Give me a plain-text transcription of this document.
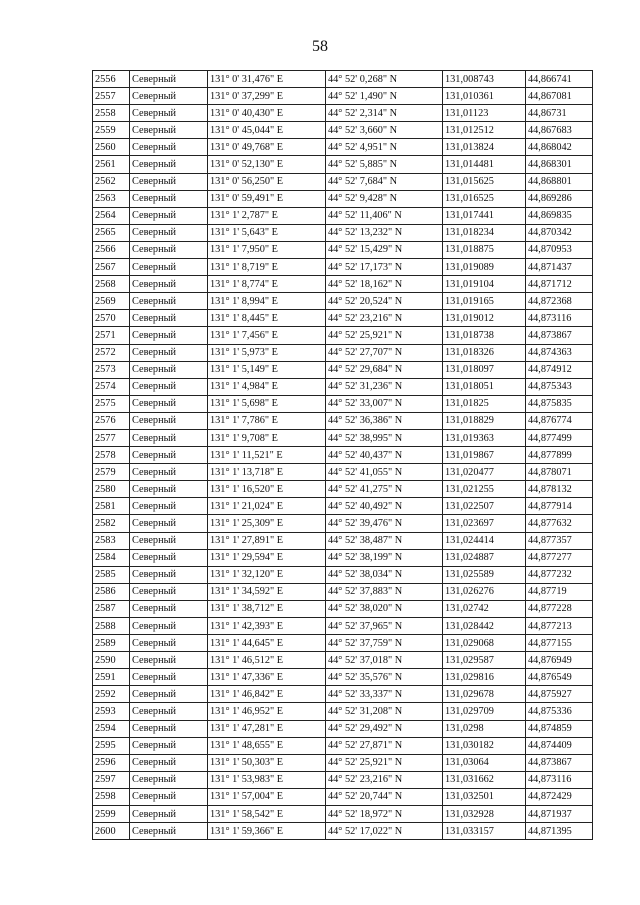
58
2556	Северный	131° 0' 31,476" E	44° 52' 0,268" N	131,008743	44,866741
2557	Северный	131° 0' 37,299" E	44° 52' 1,490" N	131,010361	44,867081
2558	Северный	131° 0' 40,430" E	44° 52' 2,314" N	131,01123	44,86731
2559	Северный	131° 0' 45,044" E	44° 52' 3,660" N	131,012512	44,867683
2560	Северный	131° 0' 49,768" E	44° 52' 4,951" N	131,013824	44,868042
2561	Северный	131° 0' 52,130" E	44° 52' 5,885" N	131,014481	44,868301
2562	Северный	131° 0' 56,250" E	44° 52' 7,684" N	131,015625	44,868801
2563	Северный	131° 0' 59,491" E	44° 52' 9,428" N	131,016525	44,869286
2564	Северный	131° 1' 2,787" E	44° 52' 11,406" N	131,017441	44,869835
2565	Северный	131° 1' 5,643" E	44° 52' 13,232" N	131,018234	44,870342
2566	Северный	131° 1' 7,950" E	44° 52' 15,429" N	131,018875	44,870953
2567	Северный	131° 1' 8,719" E	44° 52' 17,173" N	131,019089	44,871437
2568	Северный	131° 1' 8,774" E	44° 52' 18,162" N	131,019104	44,871712
2569	Северный	131° 1' 8,994" E	44° 52' 20,524" N	131,019165	44,872368
2570	Северный	131° 1' 8,445" E	44° 52' 23,216" N	131,019012	44,873116
2571	Северный	131° 1' 7,456" E	44° 52' 25,921" N	131,018738	44,873867
2572	Северный	131° 1' 5,973" E	44° 52' 27,707" N	131,018326	44,874363
2573	Северный	131° 1' 5,149" E	44° 52' 29,684" N	131,018097	44,874912
2574	Северный	131° 1' 4,984" E	44° 52' 31,236" N	131,018051	44,875343
2575	Северный	131° 1' 5,698" E	44° 52' 33,007" N	131,01825	44,875835
2576	Северный	131° 1' 7,786" E	44° 52' 36,386" N	131,018829	44,876774
2577	Северный	131° 1' 9,708" E	44° 52' 38,995" N	131,019363	44,877499
2578	Северный	131° 1' 11,521" E	44° 52' 40,437" N	131,019867	44,877899
2579	Северный	131° 1' 13,718" E	44° 52' 41,055" N	131,020477	44,878071
2580	Северный	131° 1' 16,520" E	44° 52' 41,275" N	131,021255	44,878132
2581	Северный	131° 1' 21,024" E	44° 52' 40,492" N	131,022507	44,877914
2582	Северный	131° 1' 25,309" E	44° 52' 39,476" N	131,023697	44,877632
2583	Северный	131° 1' 27,891" E	44° 52' 38,487" N	131,024414	44,877357
2584	Северный	131° 1' 29,594" E	44° 52' 38,199" N	131,024887	44,877277
2585	Северный	131° 1' 32,120" E	44° 52' 38,034" N	131,025589	44,877232
2586	Северный	131° 1' 34,592" E	44° 52' 37,883" N	131,026276	44,87719
2587	Северный	131° 1' 38,712" E	44° 52' 38,020" N	131,02742	44,877228
2588	Северный	131° 1' 42,393" E	44° 52' 37,965" N	131,028442	44,877213
2589	Северный	131° 1' 44,645" E	44° 52' 37,759" N	131,029068	44,877155
2590	Северный	131° 1' 46,512" E	44° 52' 37,018" N	131,029587	44,876949
2591	Северный	131° 1' 47,336" E	44° 52' 35,576" N	131,029816	44,876549
2592	Северный	131° 1' 46,842" E	44° 52' 33,337" N	131,029678	44,875927
2593	Северный	131° 1' 46,952" E	44° 52' 31,208" N	131,029709	44,875336
2594	Северный	131° 1' 47,281" E	44° 52' 29,492" N	131,0298	44,874859
2595	Северный	131° 1' 48,655" E	44° 52' 27,871" N	131,030182	44,874409
2596	Северный	131° 1' 50,303" E	44° 52' 25,921" N	131,03064	44,873867
2597	Северный	131° 1' 53,983" E	44° 52' 23,216" N	131,031662	44,873116
2598	Северный	131° 1' 57,004" E	44° 52' 20,744" N	131,032501	44,872429
2599	Северный	131° 1' 58,542" E	44° 52' 18,972" N	131,032928	44,871937
2600	Северный	131° 1' 59,366" E	44° 52' 17,022" N	131,033157	44,871395
